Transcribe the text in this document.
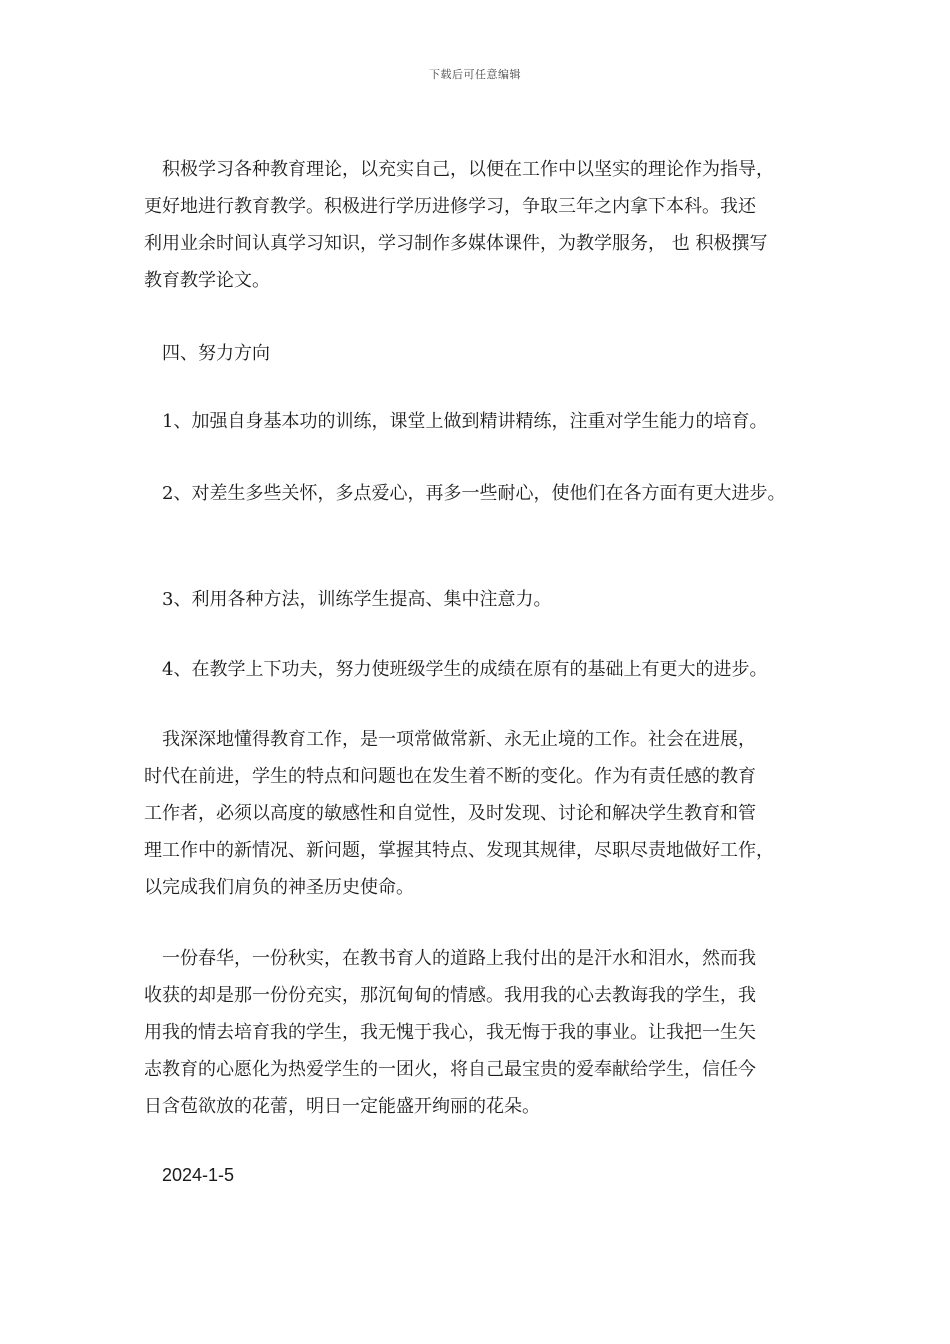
下载后可任意编辑
积极学习各种教育理论，以充实自己，以便在工作中以坚实的理论作为指导，
更好地进行教育教学。积极进行学历进修学习，争取三年之内拿下本科。我还
利用业余时间认真学习知识，学习制作多媒体课件，为教学服务， 也 积极撰写
教育教学论文。
四、努力方向
1、加强自身基本功的训练，课堂上做到精讲精练，注重对学生能力的培育。
2、对差生多些关怀，多点爱心，再多一些耐心，使他们在各方面有更大进步。
3、利用各种方法，训练学生提高、集中注意力。
4、在教学上下功夫，努力使班级学生的成绩在原有的基础上有更大的进步。
我深深地懂得教育工作，是一项常做常新、永无止境的工作。社会在进展，
时代在前进，学生的特点和问题也在发生着不断的变化。作为有责任感的教育
工作者，必须以高度的敏感性和自觉性，及时发现、讨论和解决学生教育和管
理工作中的新情况、新问题，掌握其特点、发现其规律，尽职尽责地做好工作，
以完成我们肩负的神圣历史使命。
一份春华，一份秋实，在教书育人的道路上我付出的是汗水和泪水，然而我
收获的却是那一份份充实，那沉甸甸的情感。我用我的心去教诲我的学生，我
用我的情去培育我的学生，我无愧于我心，我无悔于我的事业。让我把一生矢
志教育的心愿化为热爱学生的一团火，将自己最宝贵的爱奉献给学生，信任今
日含苞欲放的花蕾，明日一定能盛开绚丽的花朵。
2024-1-5
